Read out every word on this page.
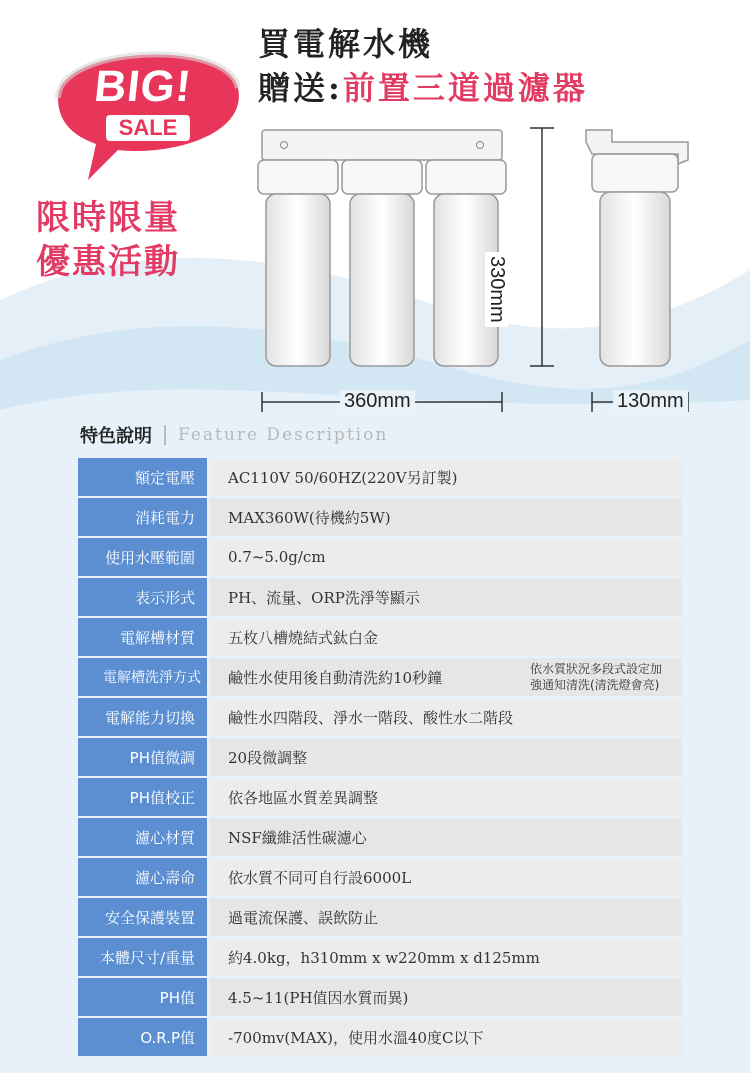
BIG!
SALE
限時限量
優惠活動
買電解水機
贈送:前置三道過濾器
330mm
360mm	130mm
特色說明 Feature Description
額定電壓	AC110V 50/60HZ(220V另訂製)
消耗電力	MAX360W(待機約5W)
使用水壓範圍	0.7~5.0g/cm
表示形式	PH、流量、ORP洗淨等顯示
電解槽材質	五枚八槽燒結式鈦白金
電解槽洗淨方式	鹼性水使用後自動清洗約10秒鐘	依水質狀況多段式設定加
強通知清洗(清洗燈會亮)
電解能力切換	鹼性水四階段、淨水一階段、酸性水二階段
PH值微調	20段微調整
PH值校正	依各地區水質差異調整
濾心材質	NSF纖維活性碳濾心
濾心壽命	依水質不同可自行設6000L
安全保護裝置	過電流保護、誤飲防止
本體尺寸/重量	約4.0kg，h310mm x w220mm x d125mm
PH值	4.5~11(PH值因水質而異)
O.R.P值	-700mv(MAX)，使用水溫40度C以下
